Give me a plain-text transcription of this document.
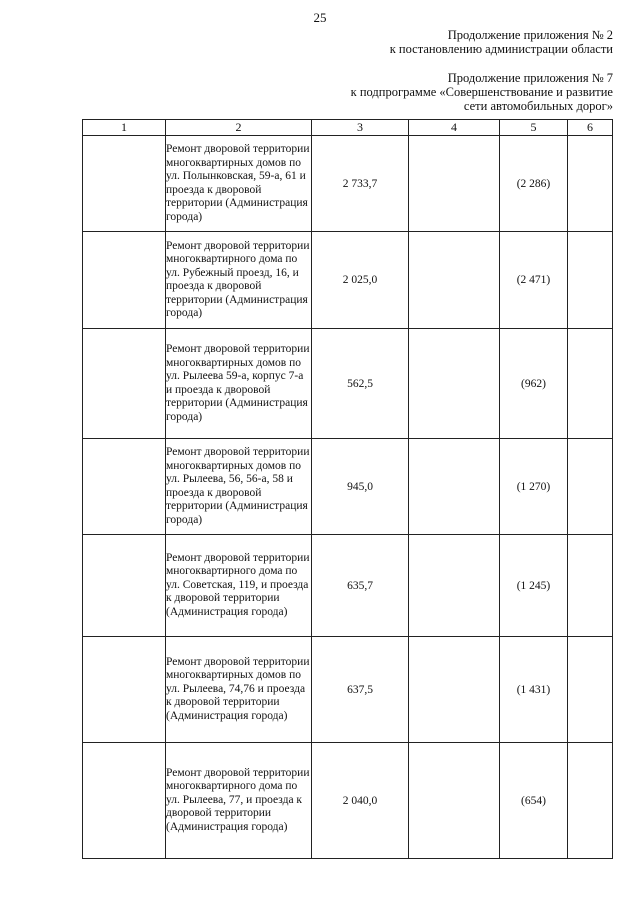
25
Продолжение приложения № 2
к постановлению администрации области
Продолжение приложения № 7
к подпрограмме «Совершенствование и развитие
сети автомобильных дорог»
1	2	3	4	5	6
	Ремонт дворовой территории многоквартирных домов по ул. Полынковская, 59-а, 61 и проезда к дворовой территории (Администрация города)	2 733,7		(2 286)	
	Ремонт дворовой территории многоквартирного дома по ул. Рубежный проезд, 16, и проезда к дворовой территории (Администрация города)	2 025,0		(2 471)	
	Ремонт дворовой территории многоквартирных домов по ул. Рылеева 59-а, корпус 7-а и проезда к дворовой территории (Администрация города)	562,5		(962)	
	Ремонт дворовой территории многоквартирных домов по ул. Рылеева, 56, 56-а, 58 и проезда к дворовой территории (Администрация города)	945,0		(1 270)	
	Ремонт дворовой территории многоквартирного дома по ул. Советская, 119, и проезда к дворовой территории (Администрация города)	635,7		(1 245)	
	Ремонт дворовой территории многоквартирных домов по ул. Рылеева, 74,76 и проезда к дворовой территории (Администрация города)	637,5		(1 431)	
	Ремонт дворовой территории многоквартирного дома по ул. Рылеева, 77, и проезда к дворовой территории (Администрация города)	2 040,0		(654)	
